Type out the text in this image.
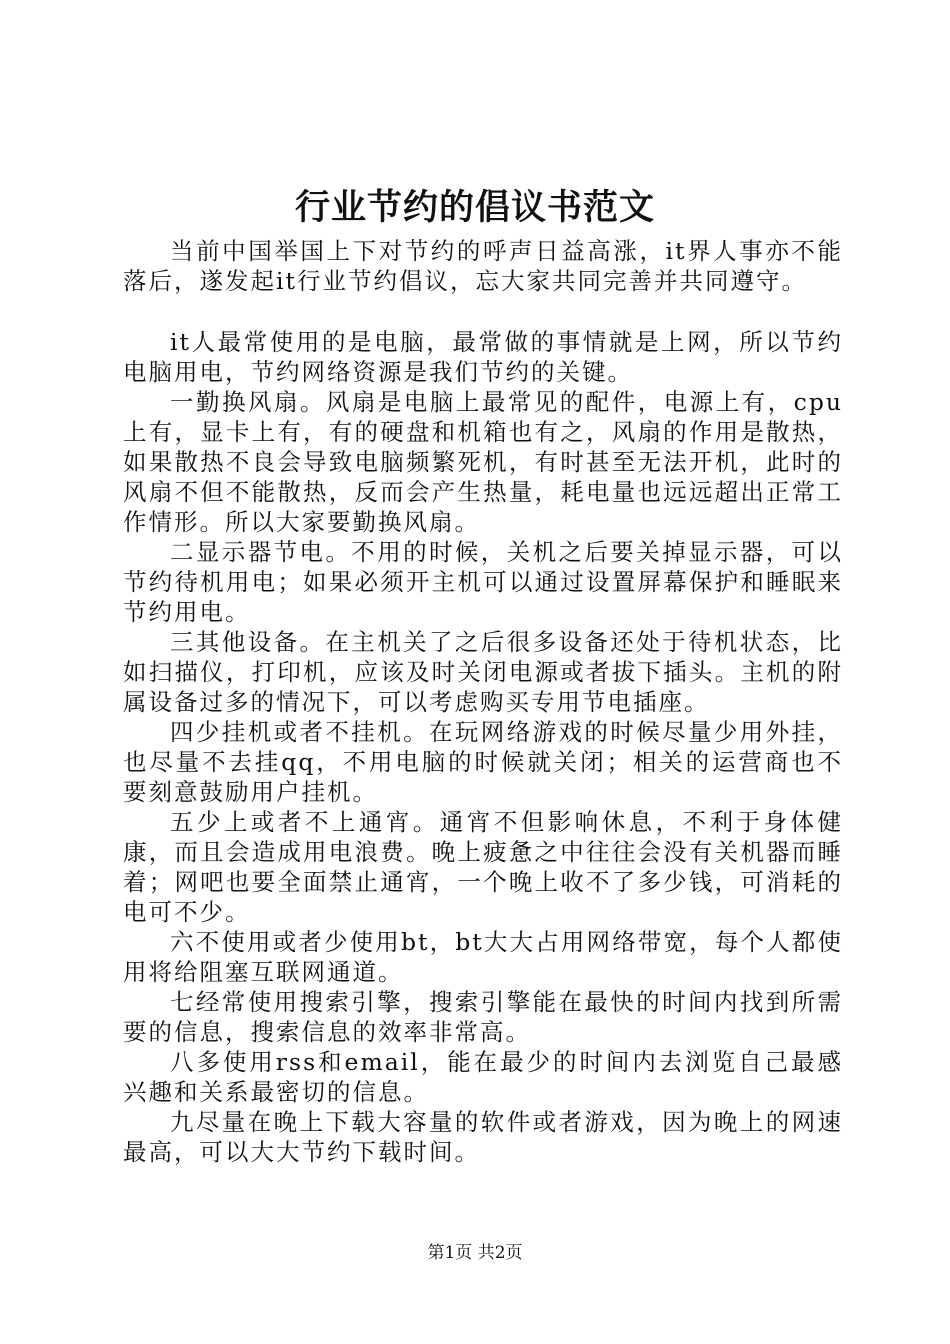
行业节约的倡议书范文

当前中国举国上下对节约的呼声日益高涨，it界人事亦不能落后，遂发起it行业节约倡议，忘大家共同完善并共同遵守。

it人最常使用的是电脑，最常做的事情就是上网，所以节约电脑用电，节约网络资源是我们节约的关键。

一勤换风扇。风扇是电脑上最常见的配件，电源上有，cpu上有，显卡上有，有的硬盘和机箱也有之，风扇的作用是散热，如果散热不良会导致电脑频繁死机，有时甚至无法开机，此时的风扇不但不能散热，反而会产生热量，耗电量也远远超出正常工作情形。所以大家要勤换风扇。

二显示器节电。不用的时候，关机之后要关掉显示器，可以节约待机用电；如果必须开主机可以通过设置屏幕保护和睡眠来节约用电。

三其他设备。在主机关了之后很多设备还处于待机状态，比如扫描仪，打印机，应该及时关闭电源或者拔下插头。主机的附属设备过多的情况下，可以考虑购买专用节电插座。

四少挂机或者不挂机。在玩网络游戏的时候尽量少用外挂，也尽量不去挂qq，不用电脑的时候就关闭；相关的运营商也不要刻意鼓励用户挂机。

五少上或者不上通宵。通宵不但影响休息，不利于身体健康，而且会造成用电浪费。晚上疲惫之中往往会没有关机器而睡着；网吧也要全面禁止通宵，一个晚上收不了多少钱，可消耗的电可不少。

六不使用或者少使用bt，bt大大占用网络带宽，每个人都使用将给阻塞互联网通道。

七经常使用搜索引擎，搜索引擎能在最快的时间内找到所需要的信息，搜索信息的效率非常高。

八多使用rss和email，能在最少的时间内去浏览自己最感兴趣和关系最密切的信息。

九尽量在晚上下载大容量的软件或者游戏，因为晚上的网速最高，可以大大节约下载时间。

第1页 共2页
